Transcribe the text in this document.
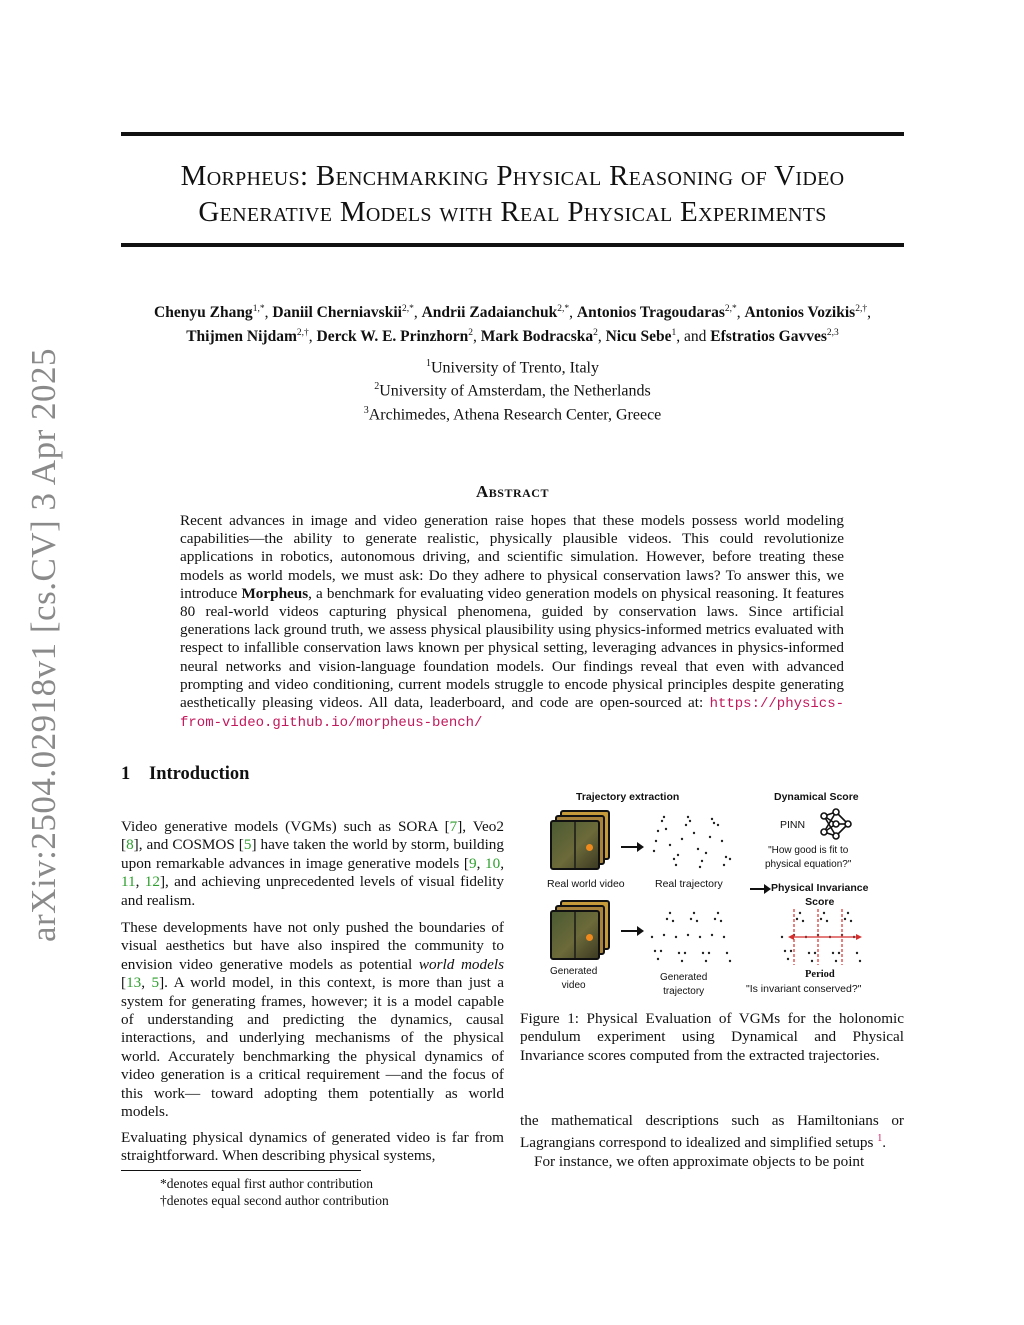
arXiv:2504.02918v1 [cs.CV] 3 Apr 2025
Morpheus: Benchmarking Physical Reasoning of Video
Generative Models with Real Physical Experiments
Chenyu Zhang$^{1,*}$, Daniil Cherniavskii$^{2,*}$, Andrii Zadaianchuk$^{2,*}$, Antonios Tragoudaras$^{2,*}$, Antonios Vozikis$^{2,\dagger}$,
Thijmen Nijdam$^{2,\dagger}$, Derck W. E. Prinzhorn$^2$, Mark Bodracska$^2$, Nicu Sebe$^1$, and Efstratios Gavves$^{2,3}$
$^1$University of Trento, Italy
$^2$University of Amsterdam, the Netherlands
$^3$Archimedes, Athena Research Center, Greece
Abstract
Recent advances in image and video generation raise hopes that these models possess world modeling capabilities—the ability to generate realistic, physically plausible videos. This could revolutionize applications in robotics, autonomous driving, and scientific simulation. However, before treating these models as world models, we must ask: Do they adhere to physical conservation laws? To answer this, we introduce Morpheus, a benchmark for evaluating video generation models on physical reasoning. It features 80 real-world videos capturing physical phenomena, guided by conservation laws. Since artificial generations lack ground truth, we assess physical plausibility using physics-informed metrics evaluated with respect to infallible conservation laws known per physical setting, leveraging advances in physics-informed neural networks and vision-language foundation models. Our findings reveal that even with advanced prompting and video conditioning, current models struggle to encode physical principles despite generating aesthetically pleasing videos. All data, leaderboard, and code are open-sourced at: https://physics-from-video.github.io/morpheus-bench/
1 Introduction

Video generative models (VGMs) such as SORA [7], Veo2 [8], and COSMOS [5] have taken the world by storm, building upon remarkable advances in image generative models [9, 10, 11, 12], and achieving unprecedented levels of visual fidelity and realism.

These developments have not only pushed the boundaries of visual aesthetics but have also inspired the community to envision video generative models as potential world models [13, 5]. A world model, in this context, is more than just a system for generating frames, however; it is a model capable of understanding and predicting the dynamics, causal interactions, and underlying mechanisms of the physical world. Accurately benchmarking the physical dynamics of video generation is a critical requirement —and the focus of this work— toward adopting them potentially as world models.

Evaluating physical dynamics of generated video is far from straightforward. When describing physical systems,

*denotes equal first author contribution
†denotes equal second author contribution
Trajectory extraction	Dynamical Score
Real world video	Real trajectory
PINN
"How good is fit to
physical equation?"
Physical Invariance
Score
Generated
video
Generated
trajectory
Period
"Is invariant conserved?"
Figure 1: Physical Evaluation of VGMs for the holonomic pendulum experiment using Dynamical and Physical Invariance scores computed from the extracted trajectories.
the mathematical descriptions such as Hamiltonians or Lagrangians correspond to idealized and simplified setups $^1$.
For instance, we often approximate objects to be point
